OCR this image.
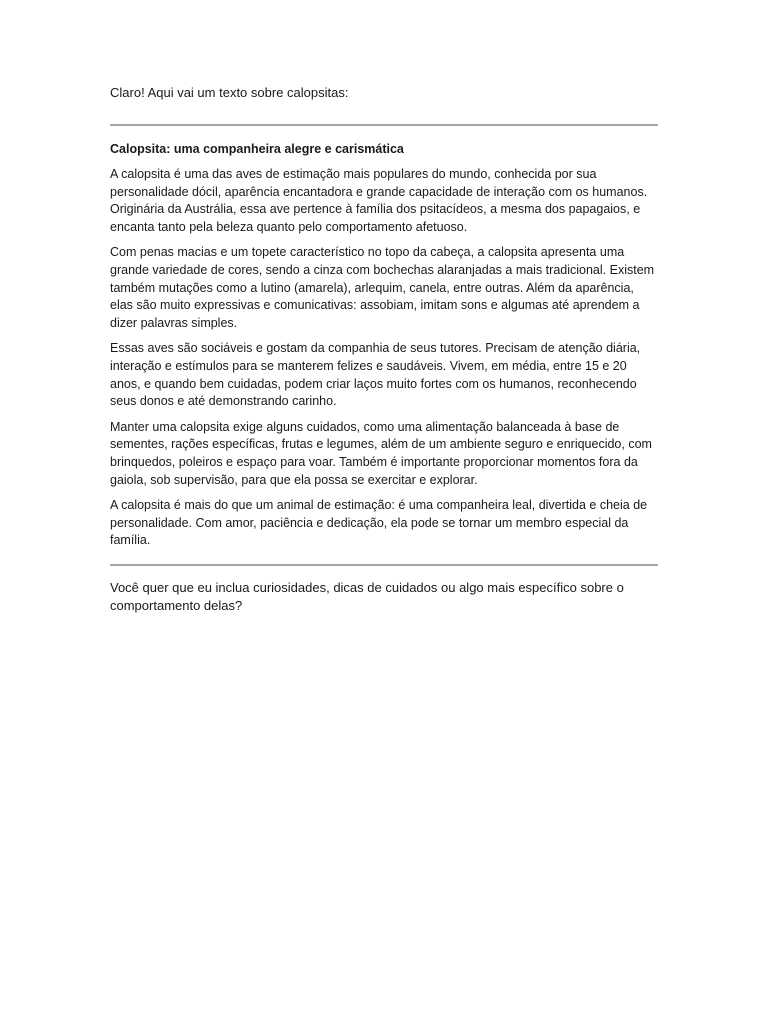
Claro! Aqui vai um texto sobre calopsitas:

Calopsita: uma companheira alegre e carismática

A calopsita é uma das aves de estimação mais populares do mundo, conhecida por sua personalidade dócil, aparência encantadora e grande capacidade de interação com os humanos. Originária da Austrália, essa ave pertence à família dos psitacídeos, a mesma dos papagaios, e encanta tanto pela beleza quanto pelo comportamento afetuoso.

Com penas macias e um topete característico no topo da cabeça, a calopsita apresenta uma grande variedade de cores, sendo a cinza com bochechas alaranjadas a mais tradicional. Existem também mutações como a lutino (amarela), arlequim, canela, entre outras. Além da aparência, elas são muito expressivas e comunicativas: assobiam, imitam sons e algumas até aprendem a dizer palavras simples.

Essas aves são sociáveis e gostam da companhia de seus tutores. Precisam de atenção diária, interação e estímulos para se manterem felizes e saudáveis. Vivem, em média, entre 15 e 20 anos, e quando bem cuidadas, podem criar laços muito fortes com os humanos, reconhecendo seus donos e até demonstrando carinho.

Manter uma calopsita exige alguns cuidados, como uma alimentação balanceada à base de sementes, rações específicas, frutas e legumes, além de um ambiente seguro e enriquecido, com brinquedos, poleiros e espaço para voar. Também é importante proporcionar momentos fora da gaiola, sob supervisão, para que ela possa se exercitar e explorar.

A calopsita é mais do que um animal de estimação: é uma companheira leal, divertida e cheia de personalidade. Com amor, paciência e dedicação, ela pode se tornar um membro especial da família.

Você quer que eu inclua curiosidades, dicas de cuidados ou algo mais específico sobre o comportamento delas?
